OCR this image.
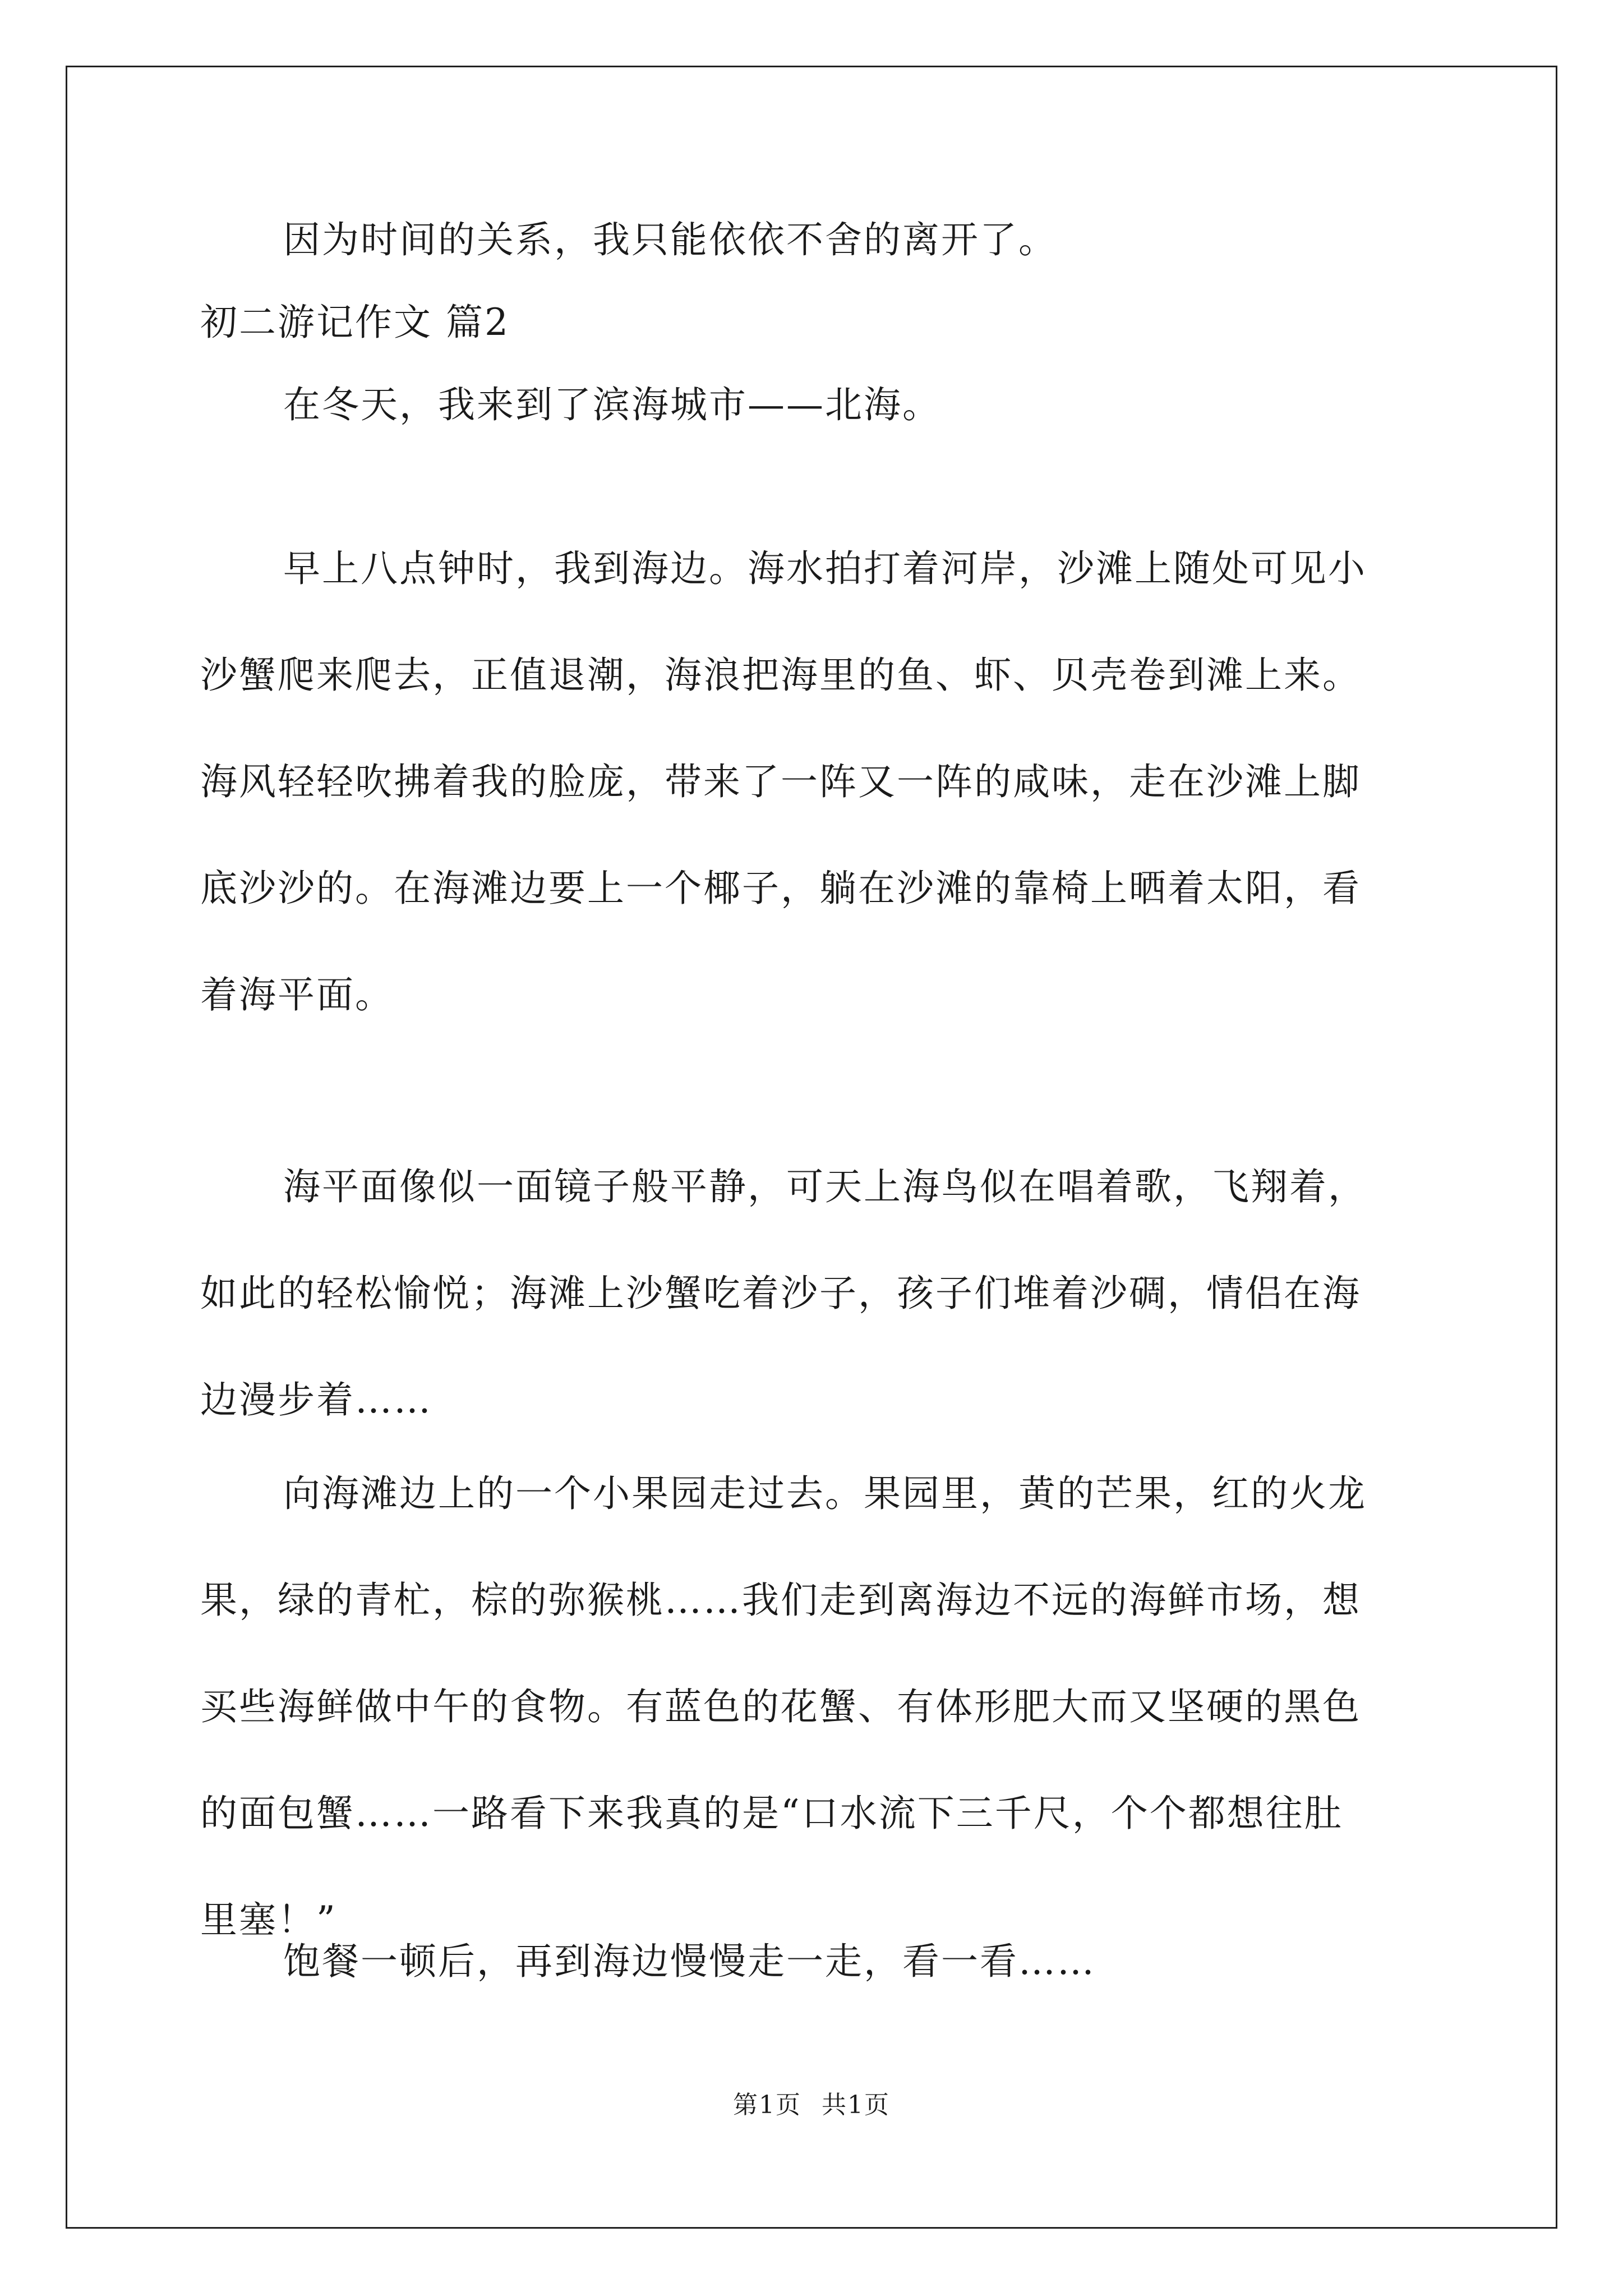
因为时间的关系，我只能依依不舍的离开了。

初二游记作文 篇2

在冬天，我来到了滨海城市——北海。

早上八点钟时，我到海边。海水拍打着河岸，沙滩上随处可见小

沙蟹爬来爬去，正值退潮，海浪把海里的鱼、虾、贝壳卷到滩上来。

海风轻轻吹拂着我的脸庞，带来了一阵又一阵的咸味，走在沙滩上脚

底沙沙的。在海滩边要上一个椰子，躺在沙滩的靠椅上晒着太阳，看

着海平面。

海平面像似一面镜子般平静，可天上海鸟似在唱着歌，飞翔着，

如此的轻松愉悦；海滩上沙蟹吃着沙子，孩子们堆着沙碉，情侣在海

边漫步着……

向海滩边上的一个小果园走过去。果园里，黄的芒果，红的火龙

果，绿的青杧，棕的弥猴桃……我们走到离海边不远的海鲜市场，想

买些海鲜做中午的食物。有蓝色的花蟹、有体形肥大而又坚硬的黑色

的面包蟹……一路看下来我真的是“口水流下三千尺，个个都想往肚

里塞！”

饱餐一顿后，再到海边慢慢走一走，看一看……

第1页 共1页
